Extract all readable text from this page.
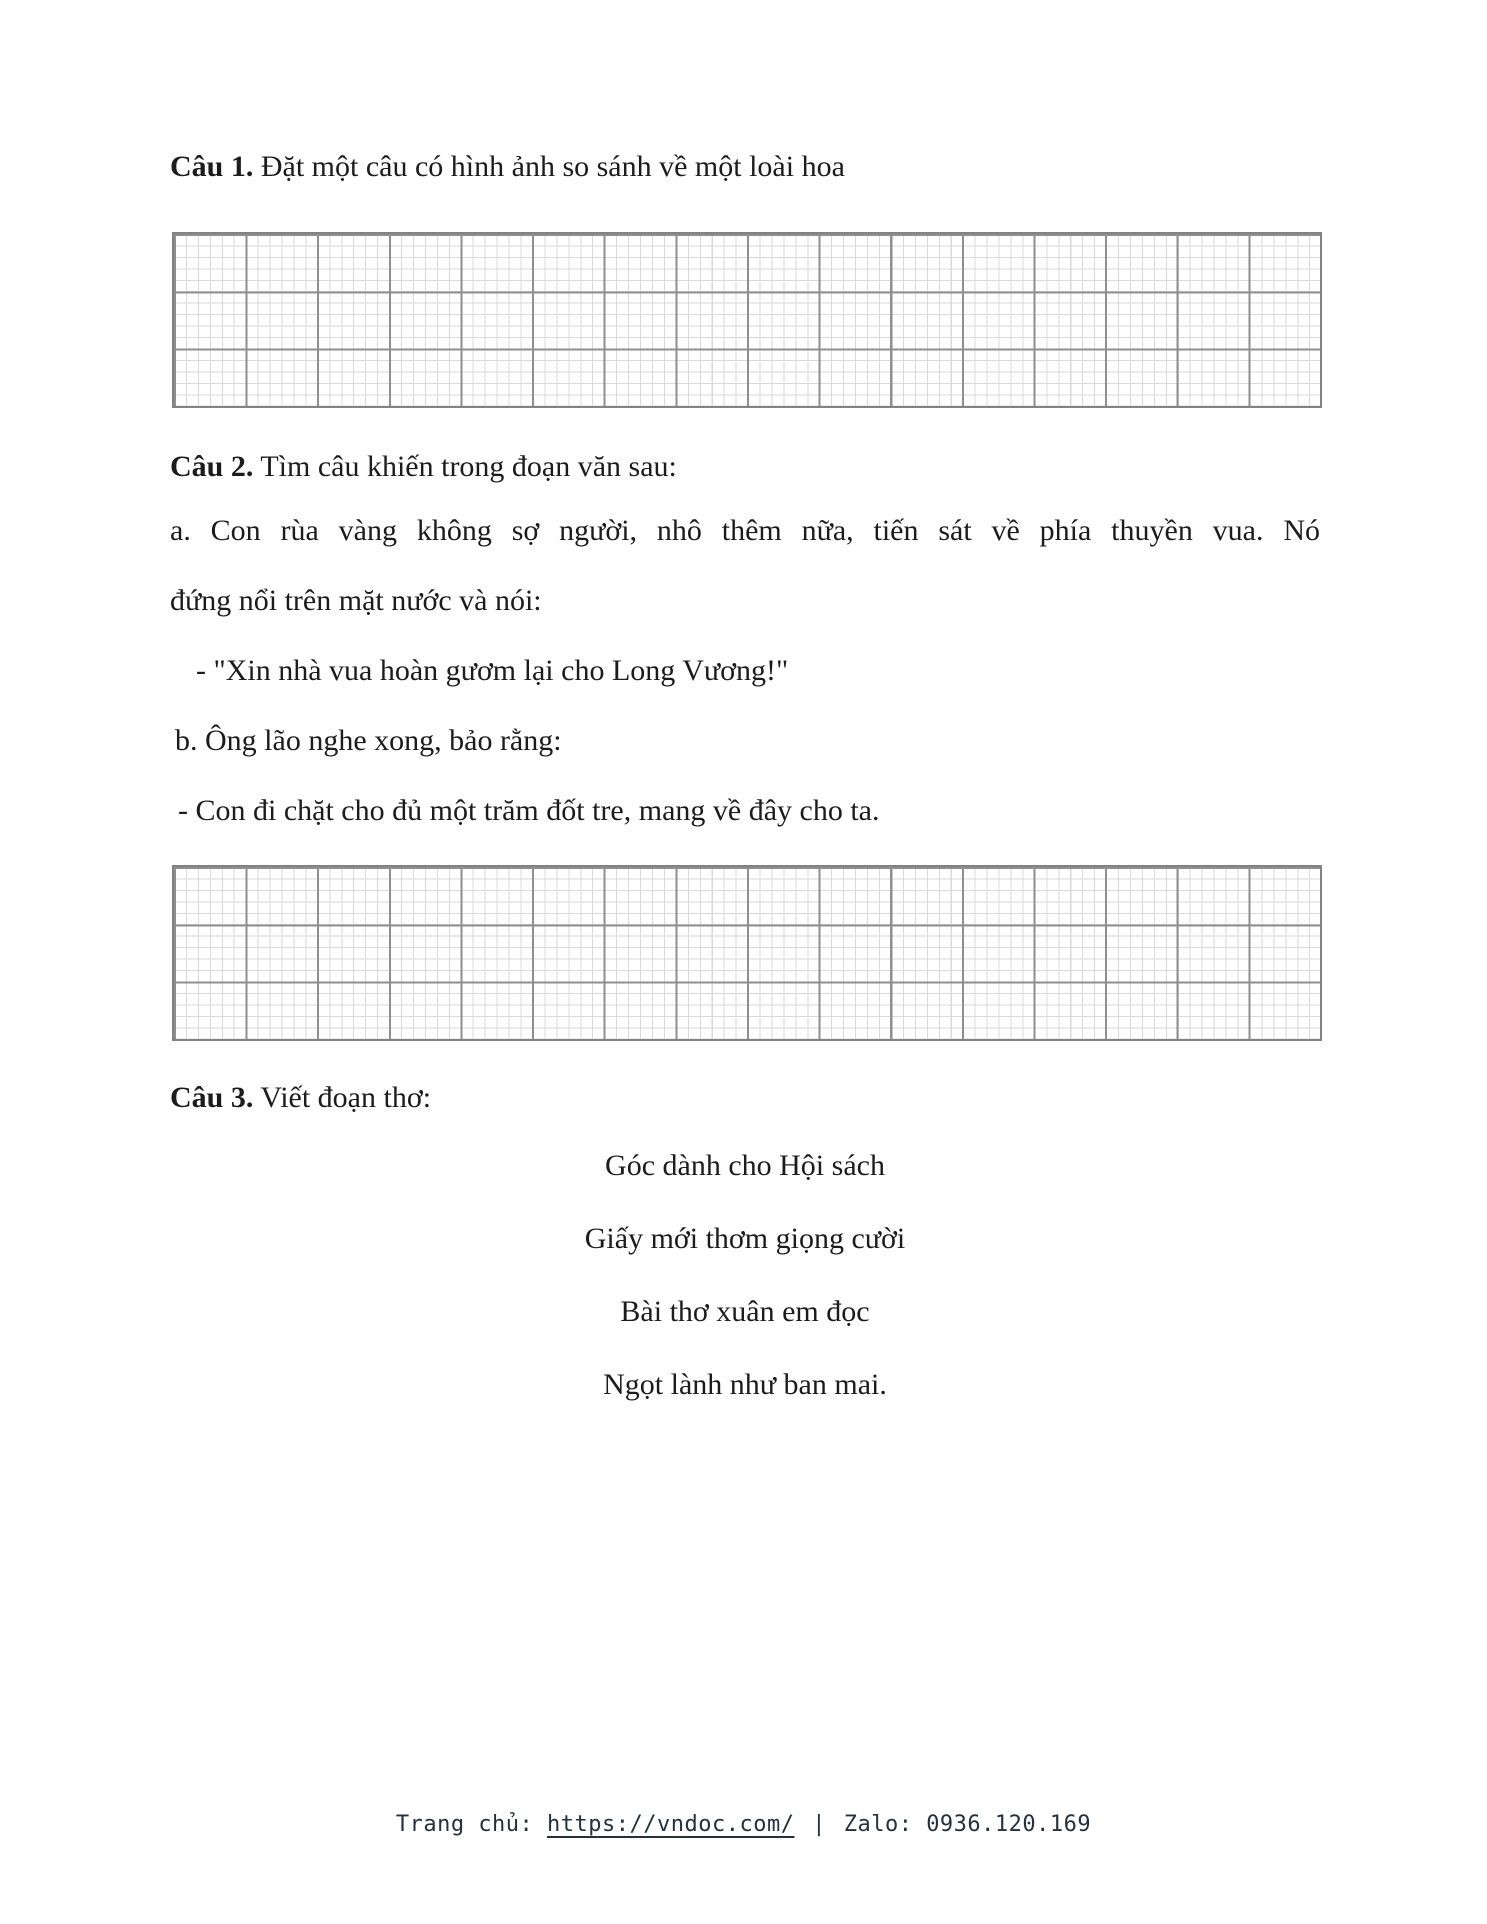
Câu 1. Đặt một câu có hình ảnh so sánh về một loài hoa

Câu 2. Tìm câu khiến trong đoạn văn sau:

a. Con rùa vàng không sợ người, nhô thêm nữa, tiến sát về phía thuyền vua. Nó
đứng nổi trên mặt nước và nói:

- "Xin nhà vua hoàn gươm lại cho Long Vương!"

b. Ông lão nghe xong, bảo rằng:

- Con đi chặt cho đủ một trăm đốt tre, mang về đây cho ta.

Câu 3. Viết đoạn thơ:

Góc dành cho Hội sách
Giấy mới thơm giọng cười
Bài thơ xuân em đọc
Ngọt lành như ban mai.
Trang chủ: https://vndoc.com/ | Zalo: 0936.120.169
